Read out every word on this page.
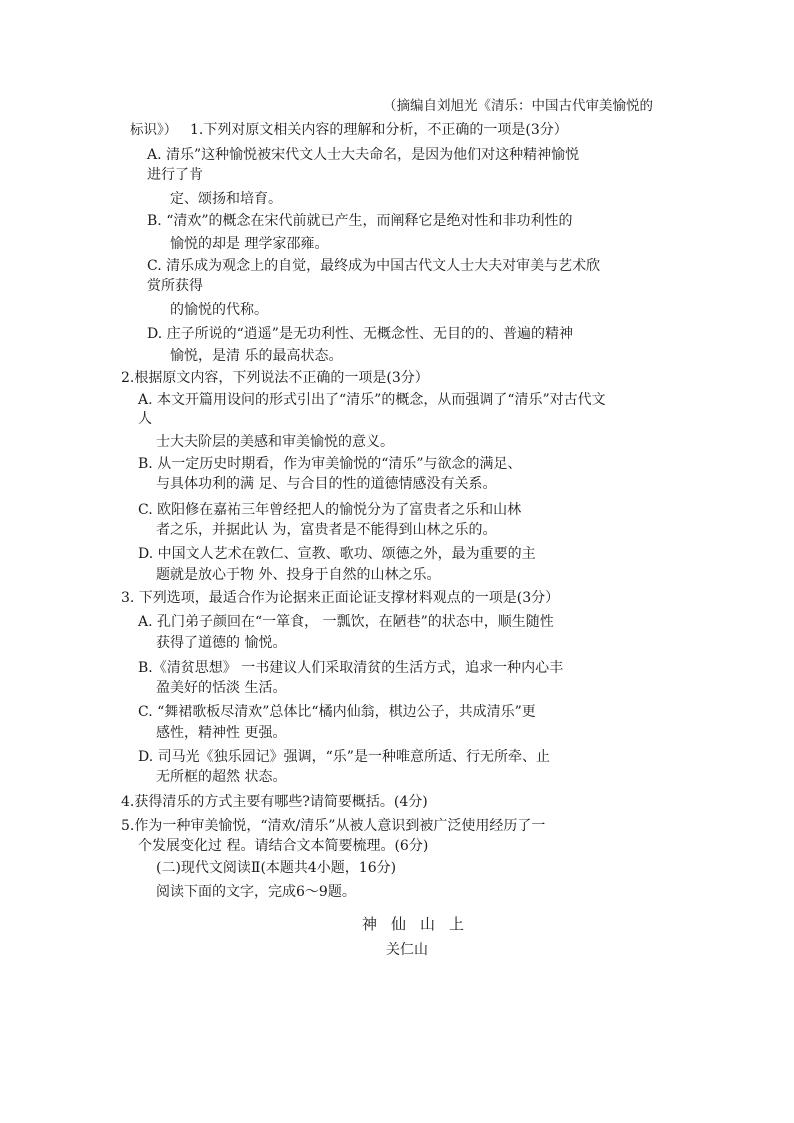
（摘编自刘旭光《清乐：中国古代审美愉悦的
标识》） 1.下列对原文相关内容的理解和分析，不正确的一项是(3分）
A. 清乐”这种愉悦被宋代文人士大夫命名，是因为他们对这种精神愉悦
进行了肯
定、颂扬和培育。
B. “清欢”的概念在宋代前就已产生，而阐释它是绝对性和非功利性的
愉悦的却是 理学家邵雍。
C. 清乐成为观念上的自觉，最终成为中国古代文人士大夫对审美与艺术欣
赏所获得
的愉悦的代称。
D. 庄子所说的“逍遥”是无功利性、无概念性、无目的的、普遍的精神
愉悦，是清 乐的最高状态。
2.根据原文内容，下列说法不正确的一项是(3分）
A. 本文开篇用设问的形式引出了“清乐”的概念，从而强调了“清乐”对古代文
人
士大夫阶层的美感和审美愉悦的意义。
B. 从一定历史时期看，作为审美愉悦的“清乐”与欲念的满足、
与具体功利的满 足、与合目的性的道德情感没有关系。
C. 欧阳修在嘉祐三年曾经把人的愉悦分为了富贵者之乐和山林
者之乐，并据此认 为，富贵者是不能得到山林之乐的。
D. 中国文人艺术在敦仁、宣教、歌功、颂德之外，最为重要的主
题就是放心于物 外、投身于自然的山林之乐。
3. 下列选项，最适合作为论据来正面论证支撑材料观点的一项是(3分）
A. 孔门弟子颜回在“一箪食， 一瓢饮，在陋巷”的状态中，顺生随性
获得了道德的 愉悦。
B.《清贫思想》 一书建议人们采取清贫的生活方式，追求一种内心丰
盈美好的恬淡 生活。
C. “舞裙歌板尽清欢”总体比“橘内仙翁，棋边公子，共成清乐”更
感性，精神性 更强。
D. 司马光《独乐园记》强调，“乐”是一种唯意所适、行无所牵、止
无所框的超然 状态。
4.获得清乐的方式主要有哪些?请简要概括。(4分)
5.作为一种审美愉悦，“清欢/清乐”从被人意识到被广泛使用经历了一
个发展变化过 程。请结合文本简要梳理。(6分)
(二)现代文阅读Ⅱ(本题共4小题，16分)
阅读下面的文字，完成6～9题。
神仙山上
关仁山
